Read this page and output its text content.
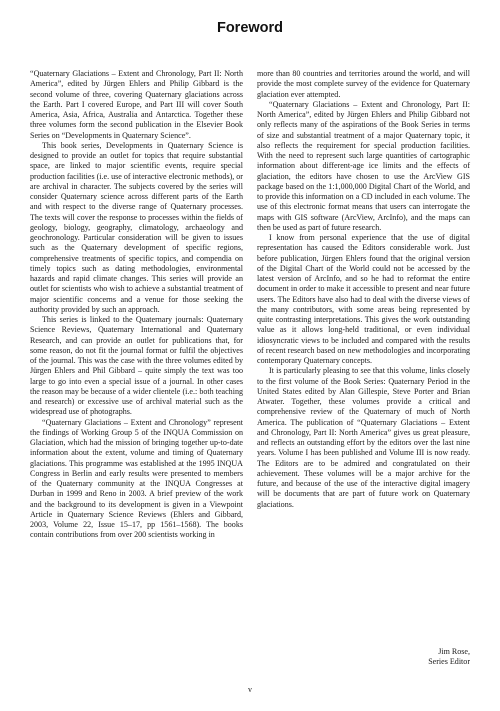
Foreword

“Quaternary Glaciations – Extent and Chronology, Part II: North America”, edited by Jürgen Ehlers and Philip Gibbard is the second volume of three, covering Quaternary glaciations across the Earth. Part I covered Europe, and Part III will cover South America, Asia, Africa, Australia and Antarctica. Together these three volumes form the second publication in the Elsevier Book Series on “Developments in Quaternary Science”.

This book series, Developments in Quaternary Science is designed to provide an outlet for topics that require substantial space, are linked to major scientific events, require special production facilities (i.e. use of interactive electronic methods), or are archival in character. The subjects covered by the series will consider Quaternary science across different parts of the Earth and with respect to the diverse range of Quaternary processes. The texts will cover the response to processes within the fields of geology, biology, geography, climatology, archaeology and geochronology. Particular consideration will be given to issues such as the Quaternary development of specific regions, comprehensive treatments of specific topics, and compendia on timely topics such as dating methodologies, environmental hazards and rapid climate changes. This series will provide an outlet for scientists who wish to achieve a substantial treatment of major scientific concerns and a venue for those seeking the authority provided by such an approach.

This series is linked to the Quaternary journals: Quaternary Science Reviews, Quaternary International and Quaternary Research, and can provide an outlet for publications that, for some reason, do not fit the journal format or fulfil the objectives of the journal. This was the case with the three volumes edited by Jürgen Ehlers and Phil Gibbard – quite simply the text was too large to go into even a special issue of a journal. In other cases the reason may be because of a wider clientele (i.e.: both teaching and research) or excessive use of archival material such as the widespread use of photographs.

“Quaternary Glaciations – Extent and Chronology” represent the findings of Working Group 5 of the INQUA Commission on Glaciation, which had the mission of bringing together up-to-date information about the extent, volume and timing of Quaternary glaciations. This programme was established at the 1995 INQUA Congress in Berlin and early results were presented to members of the Quaternary community at the INQUA Congresses at Durban in 1999 and Reno in 2003. A brief preview of the work and the background to its development is given in a Viewpoint Article in Quaternary Science Reviews (Ehlers and Gibbard, 2003, Volume 22, Issue 15–17, pp 1561–1568). The books contain contributions from over 200 scientists working in

more than 80 countries and territories around the world, and will provide the most complete survey of the evidence for Quaternary glaciation ever attempted.

“Quaternary Glaciations – Extent and Chronology, Part II: North America”, edited by Jürgen Ehlers and Philip Gibbard not only reflects many of the aspirations of the Book Series in terms of size and substantial treatment of a major Quaternary topic, it also reflects the requirement for special production facilities. With the need to represent such large quantities of cartographic information about different-age ice limits and the effects of glaciation, the editors have chosen to use the ArcView GIS package based on the 1:1,000,000 Digital Chart of the World, and to provide this information on a CD included in each volume. The use of this electronic format means that users can interrogate the maps with GIS software (ArcView, ArcInfo), and the maps can then be used as part of future research.

I know from personal experience that the use of digital representation has caused the Editors considerable work. Just before publication, Jürgen Ehlers found that the original version of the Digital Chart of the World could not be accessed by the latest version of ArcInfo, and so he had to reformat the entire document in order to make it accessible to present and near future users. The Editors have also had to deal with the diverse views of the many contributors, with some areas being represented by quite contrasting interpretations. This gives the work outstanding value as it allows long-held traditional, or even individual idiosyncratic views to be included and compared with the results of recent research based on new methodologies and incorporating contemporary Quaternary concepts.

It is particularly pleasing to see that this volume, links closely to the first volume of the Book Series: Quaternary Period in the United States edited by Alan Gillespie, Steve Porter and Brian Atwater. Together, these volumes provide a critical and comprehensive review of the Quaternary of much of North America. The publication of “Quaternary Glaciations – Extent and Chronology, Part II: North America” gives us great pleasure, and reflects an outstanding effort by the editors over the last nine years. Volume I has been published and Volume III is now ready. The Editors are to be admired and congratulated on their achievement. These volumes will be a major archive for the future, and because of the use of the interactive digital imagery will be documents that are part of future work on Quaternary glaciations.

Jim Rose,
Series Editor
v
